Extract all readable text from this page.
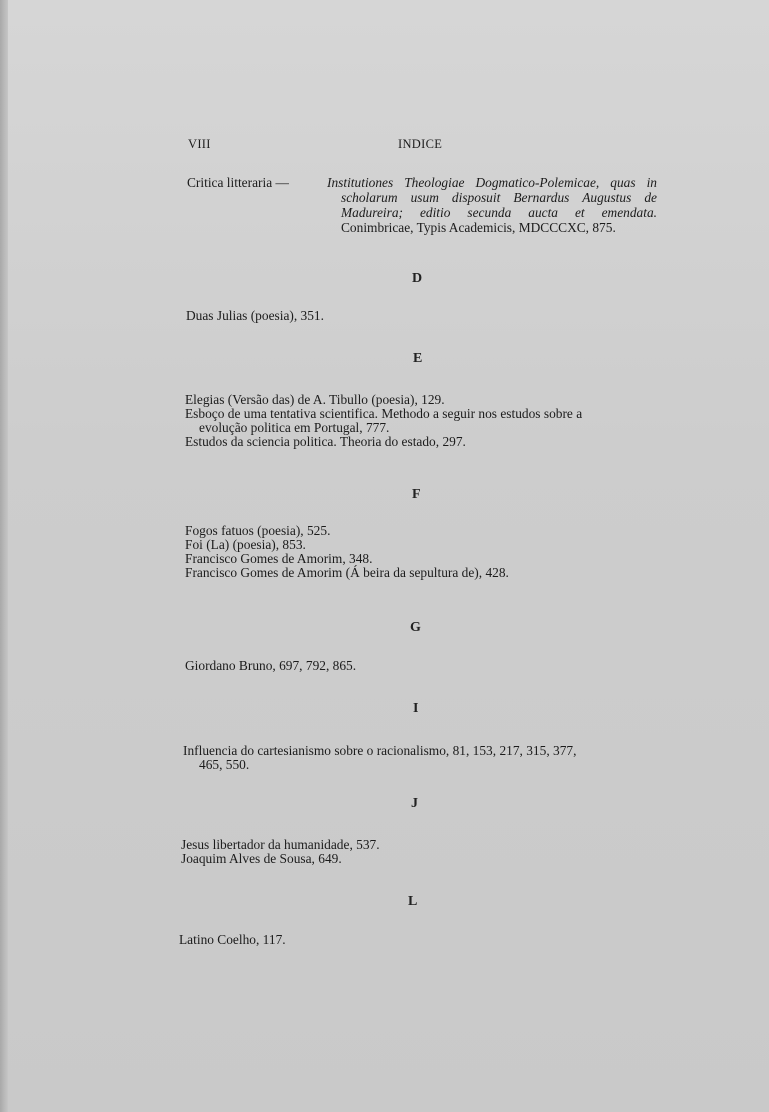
VIII	INDICE
Critica litteraria —	Institutiones Theologiae Dogmatico-Polemicae, quas in scholarum usum disposuit Bernardus Augustus de Madureira; editio secunda aucta et emendata. Conimbricae, Typis Academicis, MDCCCXC, 875.
D
Duas Julias (poesia), 351.
E
Elegias (Versão das) de A. Tibullo (poesia), 129.
Esboço de uma tentativa scientifica. Methodo a seguir nos estudos sobre a
evolução politica em Portugal, 777.
Estudos da sciencia politica. Theoria do estado, 297.
F
Fogos fatuos (poesia), 525.
Foi (La) (poesia), 853.
Francisco Gomes de Amorim, 348.
Francisco Gomes de Amorim (Á beira da sepultura de), 428.
G
Giordano Bruno, 697, 792, 865.
I
Influencia do cartesianismo sobre o racionalismo, 81, 153, 217, 315, 377,
465, 550.
J
Jesus libertador da humanidade, 537.
Joaquim Alves de Sousa, 649.
L
Latino Coelho, 117.
